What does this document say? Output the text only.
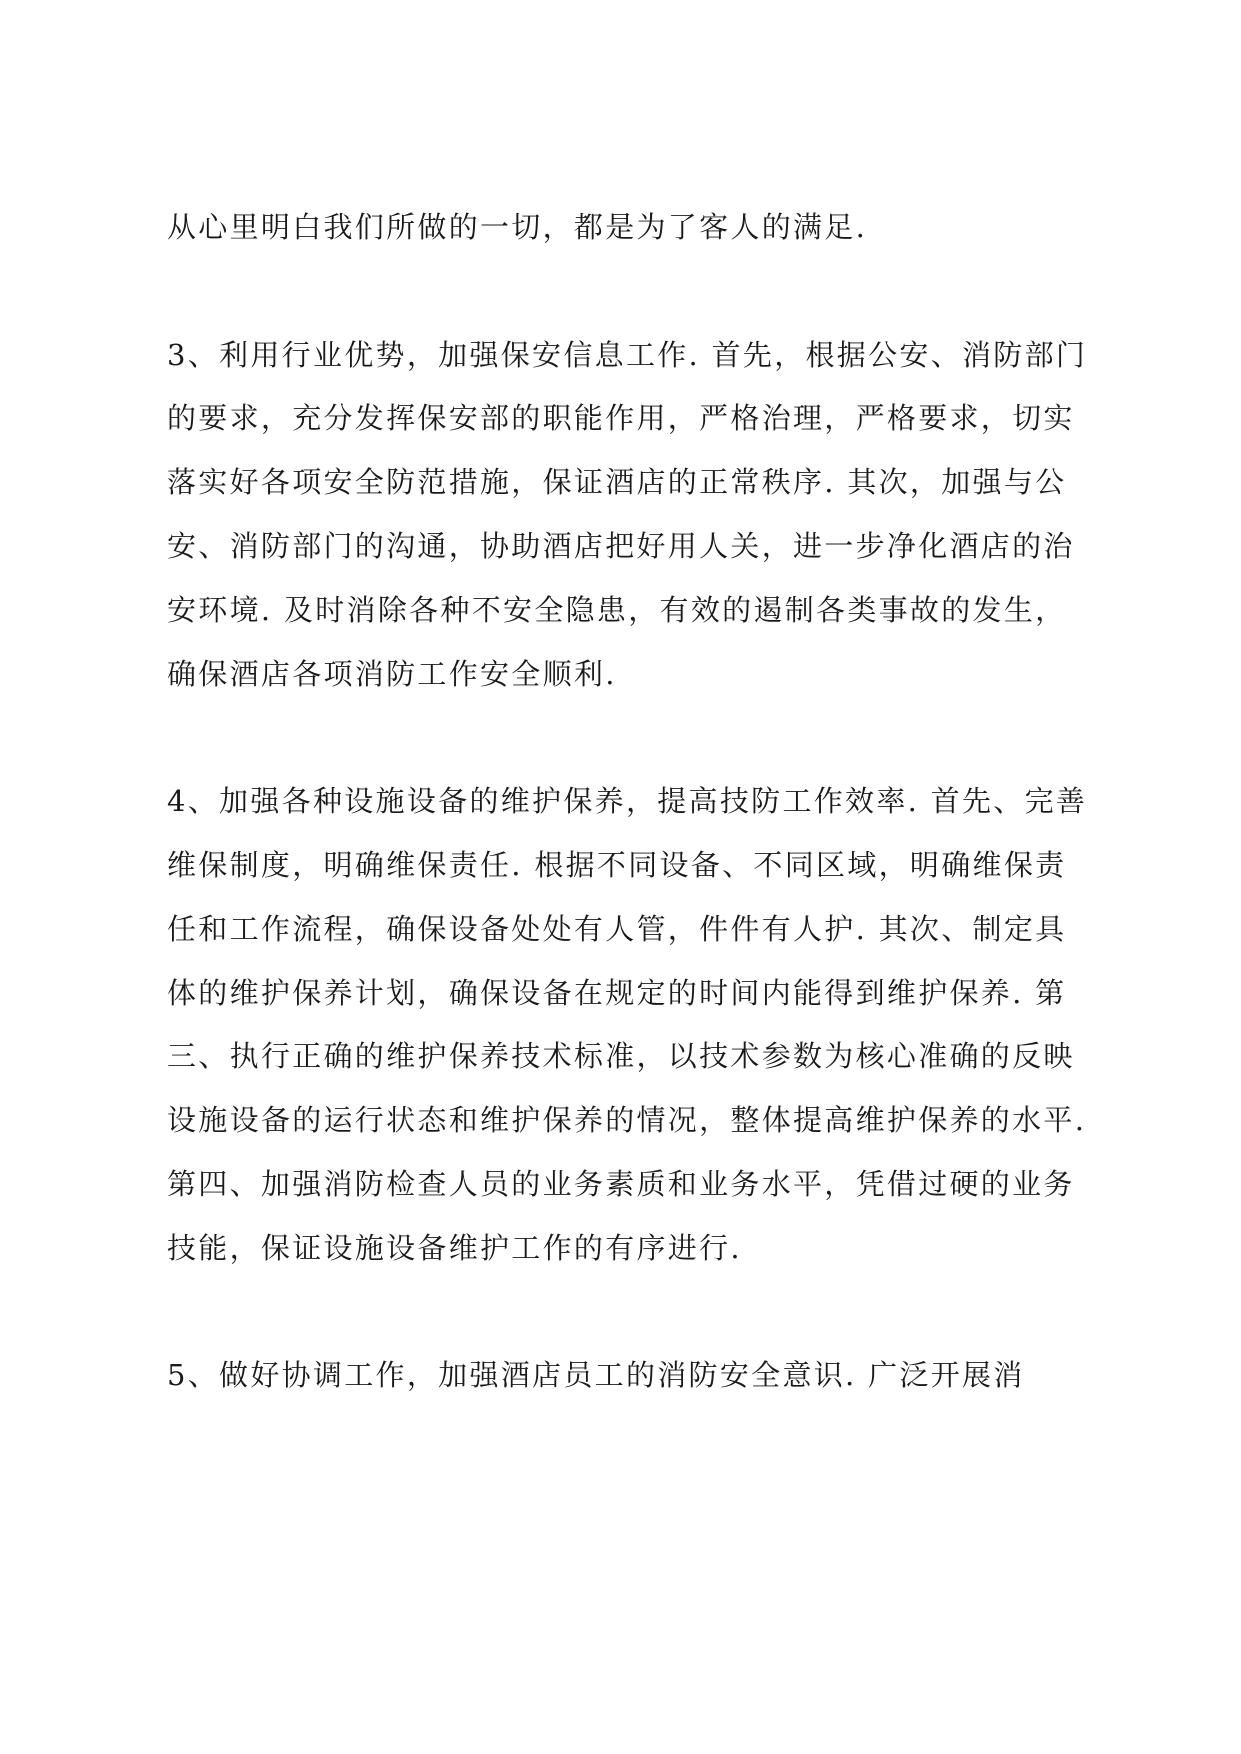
从心里明白我们所做的一切，都是为了客人的满足.

3、利用行业优势，加强保安信息工作. 首先，根据公安、消防部门的要求，充分发挥保安部的职能作用，严格治理，严格要求，切实落实好各项安全防范措施，保证酒店的正常秩序. 其次，加强与公安、消防部门的沟通，协助酒店把好用人关，进一步净化酒店的治安环境. 及时消除各种不安全隐患，有效的遏制各类事故的发生，确保酒店各项消防工作安全顺利.

4、加强各种设施设备的维护保养，提高技防工作效率. 首先、完善维保制度，明确维保责任. 根据不同设备、不同区域，明确维保责任和工作流程，确保设备处处有人管，件件有人护. 其次、制定具体的维护保养计划，确保设备在规定的时间内能得到维护保养. 第三、执行正确的维护保养技术标准，以技术参数为核心准确的反映设施设备的运行状态和维护保养的情况，整体提高维护保养的水平. 第四、加强消防检查人员的业务素质和业务水平，凭借过硬的业务技能，保证设施设备维护工作的有序进行.

5、做好协调工作，加强酒店员工的消防安全意识. 广泛开展消
